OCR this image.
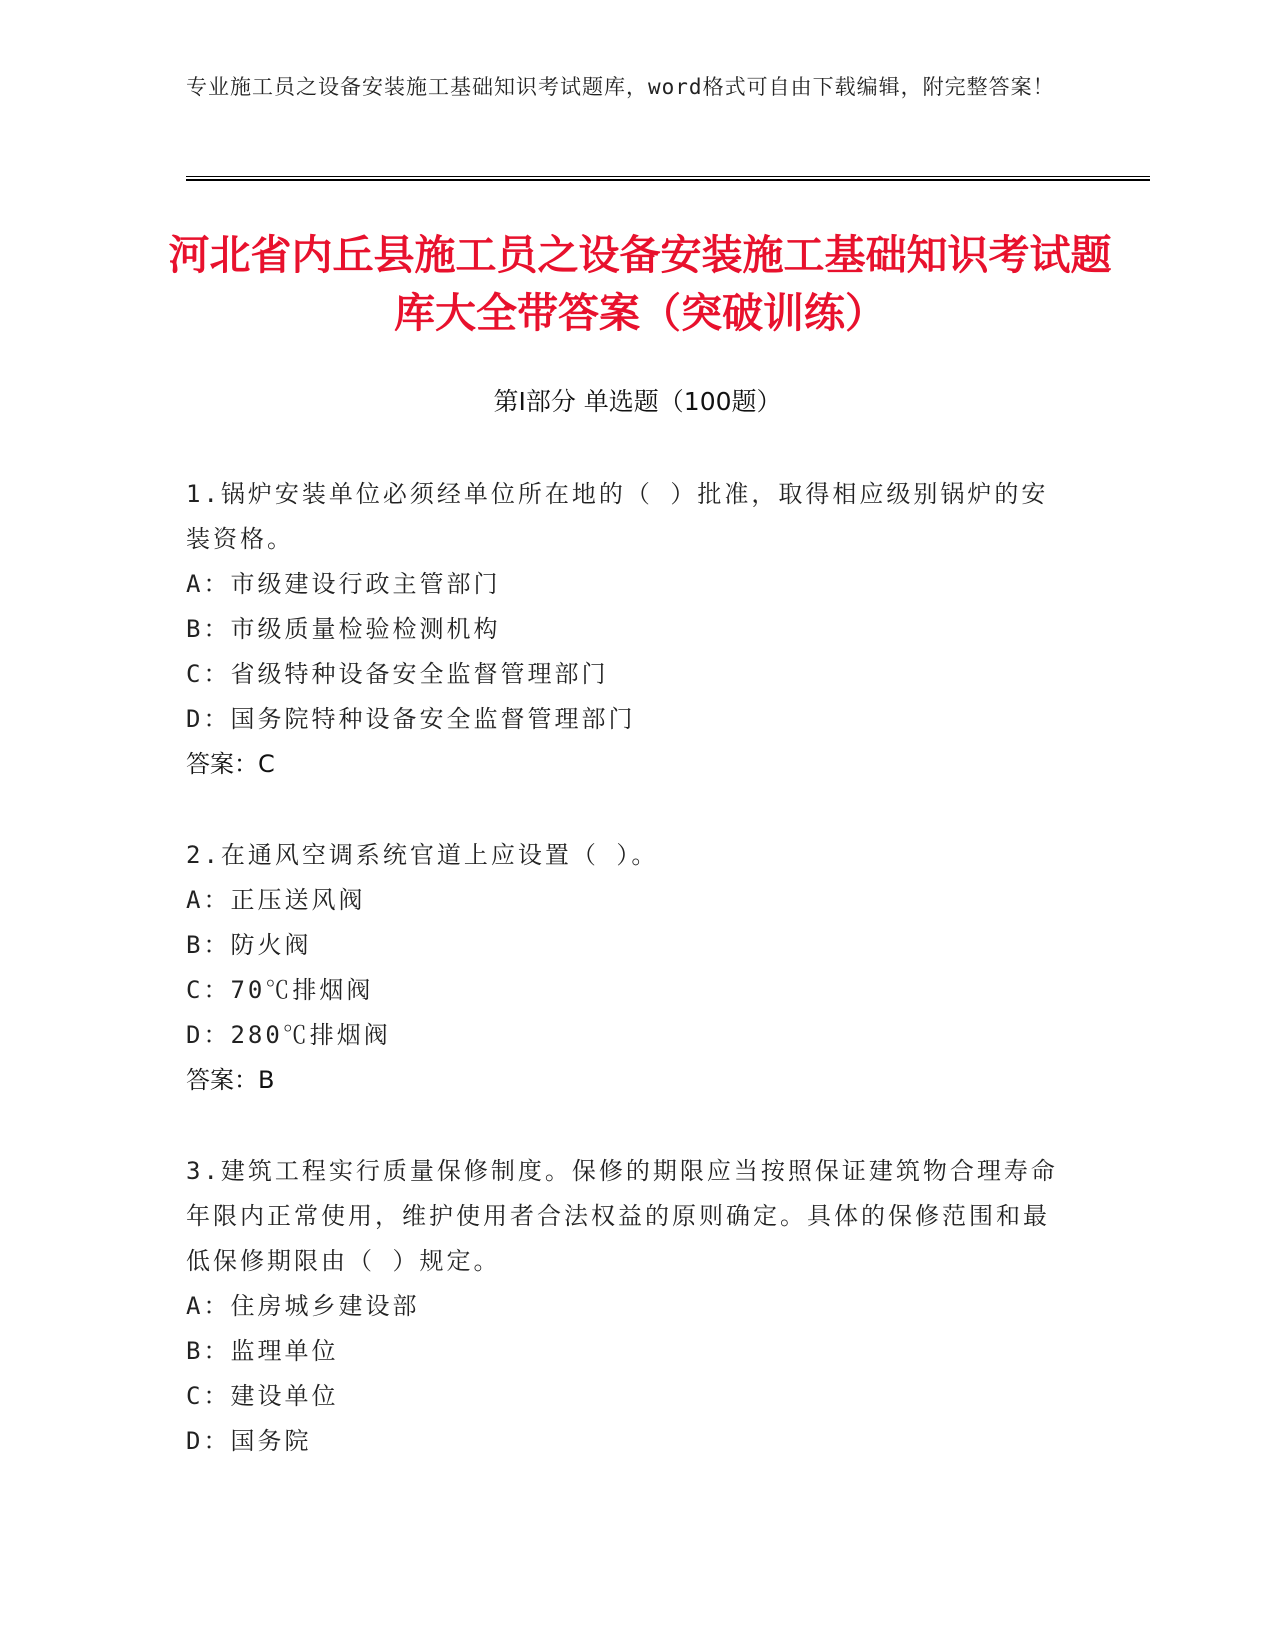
专业施工员之设备安装施工基础知识考试题库，word格式可自由下载编辑，附完整答案！
河北省内丘县施工员之设备安装施工基础知识考试题库大全带答案（突破训练）
第Ⅰ部分 单选题（100题）
1.锅炉安装单位必须经单位所在地的（ ）批准，取得相应级别锅炉的安装资格。
A：市级建设行政主管部门
B：市级质量检验检测机构
C：省级特种设备安全监督管理部门
D：国务院特种设备安全监督管理部门
答案：C
2.在通风空调系统官道上应设置（ ）。
A：正压送风阀
B：防火阀
C：70℃排烟阀
D：280℃排烟阀
答案：B
3.建筑工程实行质量保修制度。保修的期限应当按照保证建筑物合理寿命年限内正常使用，维护使用者合法权益的原则确定。具体的保修范围和最低保修期限由（ ）规定。
A：住房城乡建设部
B：监理单位
C：建设单位
D：国务院
